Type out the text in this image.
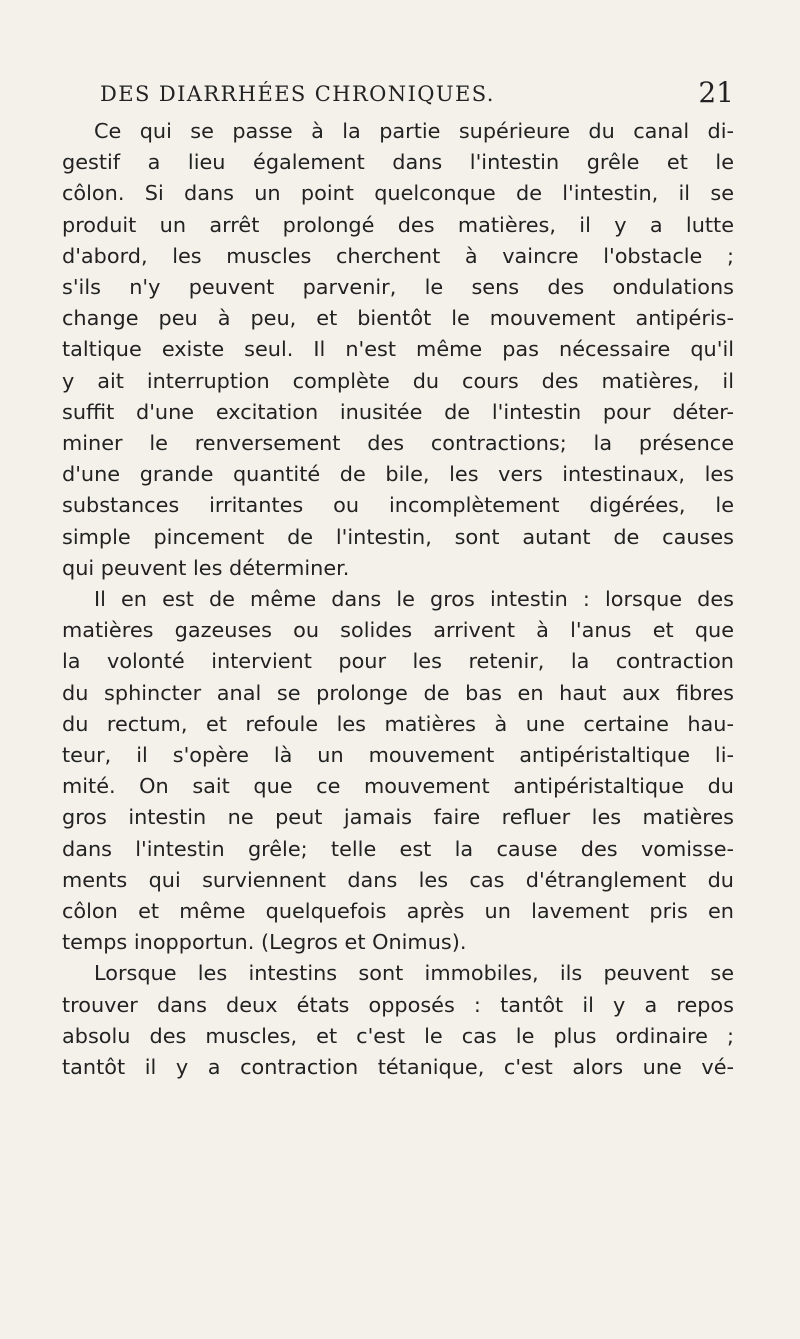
DES DIARRHÉES CHRONIQUES.	21
Ce qui se passe à la partie supérieure du canal di-
gestif a lieu également dans l'intestin grêle et le
côlon. Si dans un point quelconque de l'intestin, il se
produit un arrêt prolongé des matières, il y a lutte
d'abord, les muscles cherchent à vaincre l'obstacle ;
s'ils n'y peuvent parvenir, le sens des ondulations
change peu à peu, et bientôt le mouvement antipéris-
taltique existe seul. Il n'est même pas nécessaire qu'il
y ait interruption complète du cours des matières, il
suffit d'une excitation inusitée de l'intestin pour déter-
miner le renversement des contractions; la présence
d'une grande quantité de bile, les vers intestinaux, les
substances irritantes ou incomplètement digérées, le
simple pincement de l'intestin, sont autant de causes
qui peuvent les déterminer.
Il en est de même dans le gros intestin : lorsque des
matières gazeuses ou solides arrivent à l'anus et que
la volonté intervient pour les retenir, la contraction
du sphincter anal se prolonge de bas en haut aux fibres
du rectum, et refoule les matières à une certaine hau-
teur, il s'opère là un mouvement antipéristaltique li-
mité. On sait que ce mouvement antipéristaltique du
gros intestin ne peut jamais faire refluer les matières
dans l'intestin grêle; telle est la cause des vomisse-
ments qui surviennent dans les cas d'étranglement du
côlon et même quelquefois après un lavement pris en
temps inopportun. (Legros et Onimus).
Lorsque les intestins sont immobiles, ils peuvent se
trouver dans deux états opposés : tantôt il y a repos
absolu des muscles, et c'est le cas le plus ordinaire ;
tantôt il y a contraction tétanique, c'est alors une vé-
